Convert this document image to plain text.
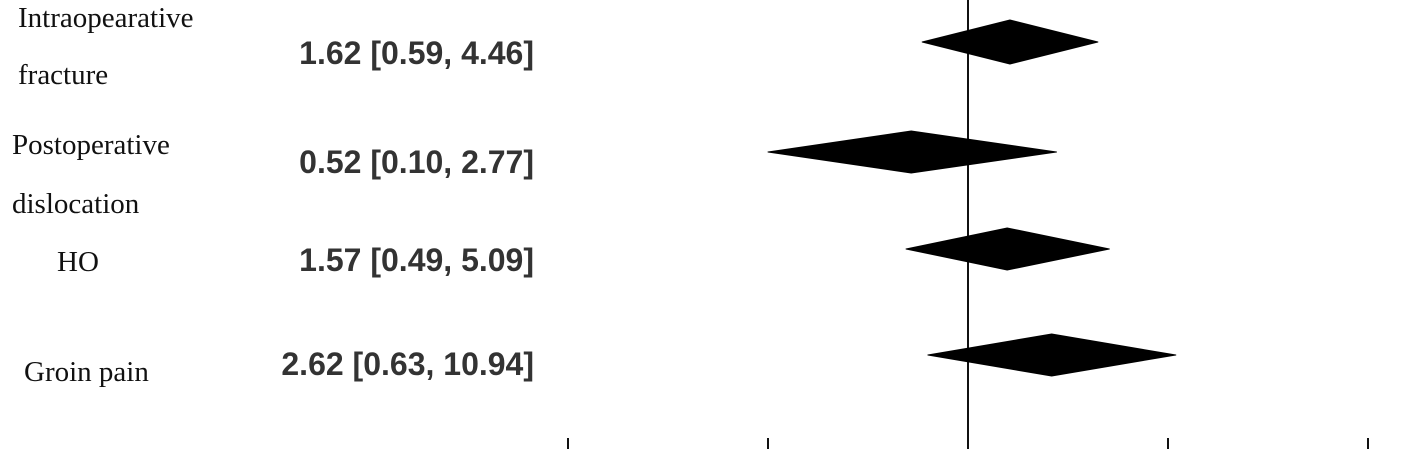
Intraopearative
fracture
Postoperative
dislocation
HO
Groin pain
1.62 [0.59, 4.46]
0.52 [0.10, 2.77]
1.57 [0.49, 5.09]
2.62 [0.63, 10.94]
